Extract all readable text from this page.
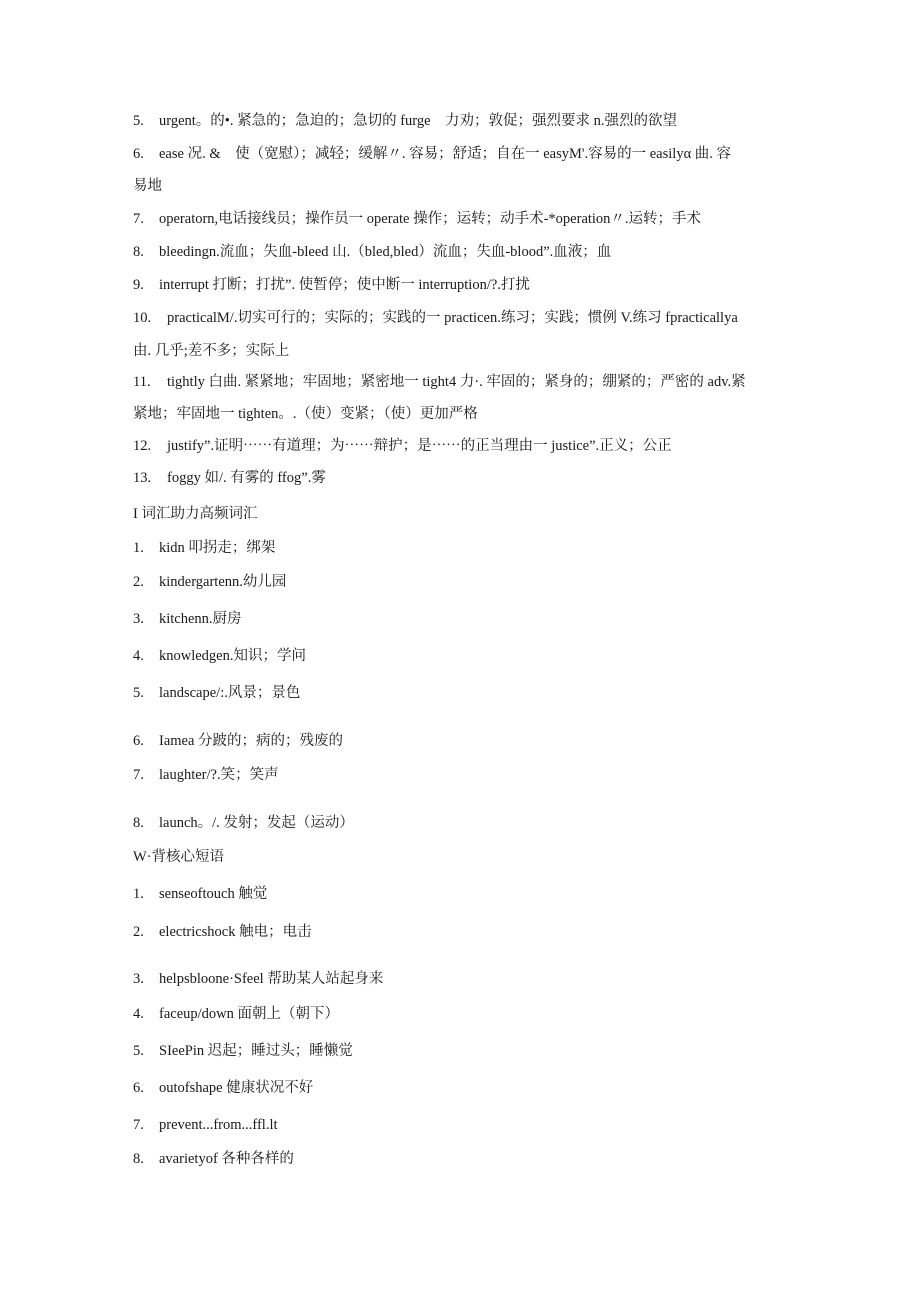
5. urgent。的•. 紧急的；急迫的；急切的 furge　力劝；敦促；强烈要求 n.强烈的欲望
6. ease 况. &　使（宽慰）；减轻；缓解〃. 容易；舒适；自在一 easyM'.容易的一 easilyα 曲. 容
易地
7. operatorn,电话接线员；操作员一 operate 操作；运转；动手术-*operation〃.运转；手术
8. bleedingn.流血；失血-bleed 山.（bled,bled）流血；失血-blood”.血液；血
9. interrupt 打断；打扰”. 使暂停；使中断一 interruption/?.打扰
10. practicalM/.切实可行的；实际的；实践的一 practicen.练习；实践；惯例 V.练习 fpracticallya
由. 几乎;差不多；实际上
11. tightly 白曲. 紧紧地；牢固地；紧密地一 tight4 力·. 牢固的；紧身的；绷紧的；严密的 adv.紧
紧地；牢固地一 tighten。.（使）变紧；（使）更加严格
12. justify”.证明⋯⋯有道理；为⋯⋯辩护；是⋯⋯的正当理由一 justice”.正义；公正
13. foggy 如/. 有雾的 ffog”.雾
I 词汇助力高频词汇
1. kidn 叩拐走；绑架
2. kindergartenn.幼儿园
3. kitchenn.厨房
4. knowledgen.知识；学问
5. landscape/:.风景；景色
6. Iamea 分跛的；病的；残废的
7. laughter/?.笑；笑声
8. launch。/. 发射；发起（运动）
W·背核心短语
1. senseoftouch 触觉
2. electricshock 触电；电击
3. helpsbloone·Sfeel 帮助某人站起身来
4. faceup/down 面朝上（朝下）
5. SIeePin 迟起；睡过头；睡懒觉
6. outofshape 健康状况不好
7. prevent...from...ffl.lt
8. avarietyof 各种各样的
